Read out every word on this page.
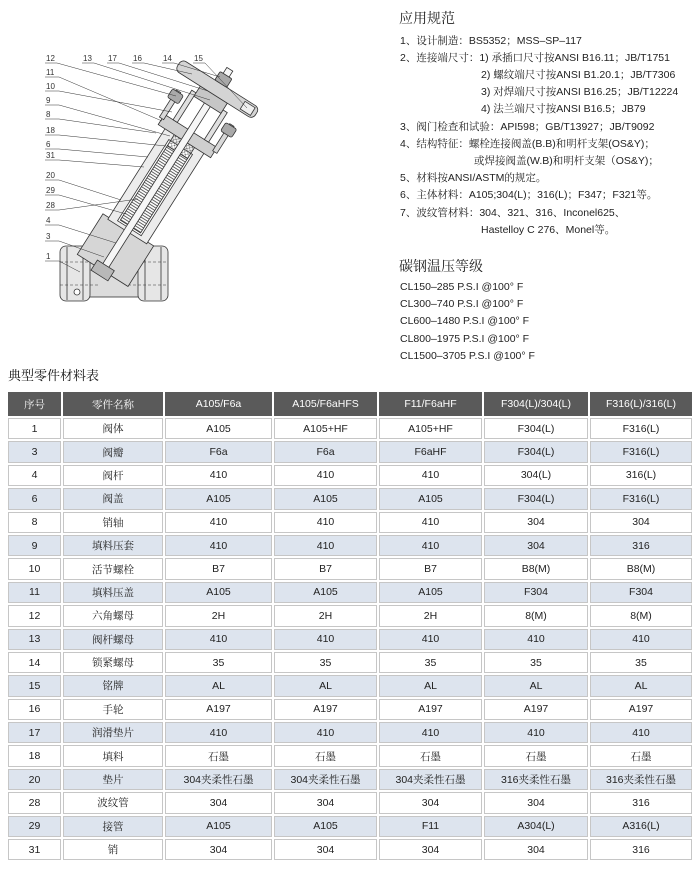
12	13 17 16	14	15
11
10
9
8
18
6
31
20
29
28
4
3
1
应用规范
1、设计制造：BS5352；MSS–SP–117
2、连接端尺寸：1) 承插口尺寸按ANSI B16.11；JB/T1751
2) 螺纹端尺寸按ANSI B1.20.1；JB/T7306
3) 对焊端尺寸按ANSI B16.25；JB/T12224
4) 法兰端尺寸按ANSI B16.5；JB79
3、阀门检查和试验：API598；GB/T13927；JB/T9092
4、结构特征：螺栓连接阀盖(B.B)和明杆支架(OS&Y)；
或焊接阀盖(W.B)和明杆支架（OS&Y)；
5、材料按ANSI/ASTM的规定。
6、主体材料：A105;304(L)；316(L)；F347；F321等。
7、波纹管材料：304、321、316、Inconel625、
Hastelloy C 276、Monel等。
碳钢温压等级
CL150–285 P.S.I @100° F
CL300–740 P.S.I @100° F
CL600–1480 P.S.I @100° F
CL800–1975 P.S.I @100° F
CL1500–3705 P.S.I @100° F
典型零件材料表
序号	零件名称	A105/F6a	A105/F6aHFS	F11/F6aHF	F304(L)/304(L)	F316(L)/316(L)
1	阀体	A105	A105+HF	A105+HF	F304(L)	F316(L)
3	阀瓣	F6a	F6a	F6aHF	F304(L)	F316(L)
4	阀杆	410	410	410	304(L)	316(L)
6	阀盖	A105	A105	A105	F304(L)	F316(L)
8	销轴	410	410	410	304	304
9	填料压套	410	410	410	304	316
10	活节螺栓	B7	B7	B7	B8(M)	B8(M)
11	填料压盖	A105	A105	A105	F304	F304
12	六角螺母	2H	2H	2H	8(M)	8(M)
13	阀杆螺母	410	410	410	410	410
14	锁紧螺母	35	35	35	35	35
15	铭牌	AL	AL	AL	AL	AL
16	手轮	A197	A197	A197	A197	A197
17	润滑垫片	410	410	410	410	410
18	填料	石墨	石墨	石墨	石墨	石墨
20	垫片	304夹柔性石墨	304夹柔性石墨	304夹柔性石墨	316夹柔性石墨	316夹柔性石墨
28	波纹管	304	304	304	304	316
29	接管	A105	A105	F11	A304(L)	A316(L)
31	销	304	304	304	304	316
